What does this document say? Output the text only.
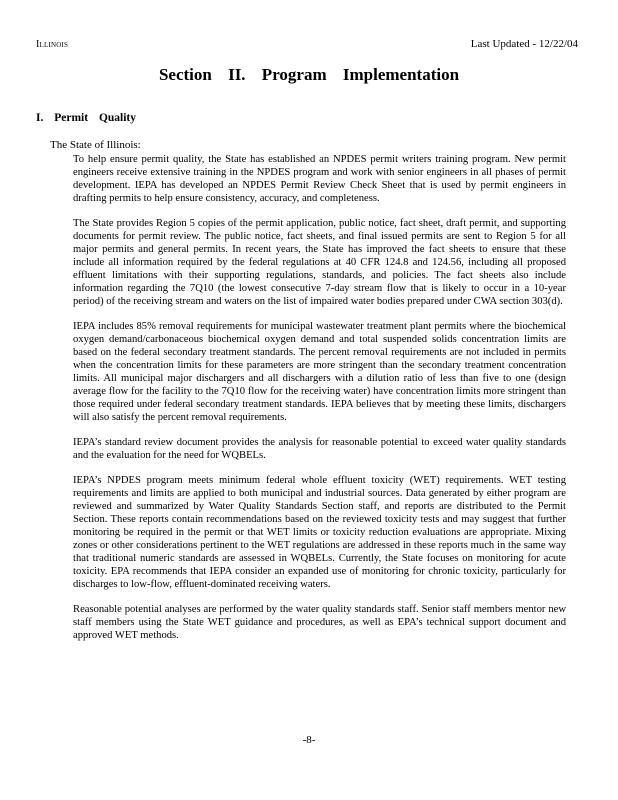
Illinois	Last Updated - 12/22/04
Section II. Program Implementation
I. Permit Quality
The State of Illinois:

To help ensure permit quality, the State has established an NPDES permit writers training program. New permit engineers receive extensive training in the NPDES program and work with senior engineers in all phases of permit development. IEPA has developed an NPDES Permit Review Check Sheet that is used by permit engineers in drafting permits to help ensure consistency, accuracy, and completeness.

The State provides Region 5 copies of the permit application, public notice, fact sheet, draft permit, and supporting documents for permit review. The public notice, fact sheets, and final issued permits are sent to Region 5 for all major permits and general permits. In recent years, the State has improved the fact sheets to ensure that these include all information required by the federal regulations at 40 CFR 124.8 and 124.56, including all proposed effluent limitations with their supporting regulations, standards, and policies. The fact sheets also include information regarding the 7Q10 (the lowest consecutive 7-day stream flow that is likely to occur in a 10-year period) of the receiving stream and waters on the list of impaired water bodies prepared under CWA section 303(d).

IEPA includes 85% removal requirements for municipal wastewater treatment plant permits where the biochemical oxygen demand/carbonaceous biochemical oxygen demand and total suspended solids concentration limits are based on the federal secondary treatment standards. The percent removal requirements are not included in permits when the concentration limits for these parameters are more stringent than the secondary treatment concentration limits. All municipal major dischargers and all dischargers with a dilution ratio of less than five to one (design average flow for the facility to the 7Q10 flow for the receiving water) have concentration limits more stringent than those required under federal secondary treatment standards. IEPA believes that by meeting these limits, dischargers will also satisfy the percent removal requirements.

IEPA’s standard review document provides the analysis for reasonable potential to exceed water quality standards and the evaluation for the need for WQBELs.

IEPA’s NPDES program meets minimum federal whole effluent toxicity (WET) requirements. WET testing requirements and limits are applied to both municipal and industrial sources. Data generated by either program are reviewed and summarized by Water Quality Standards Section staff, and reports are distributed to the Permit Section. These reports contain recommendations based on the reviewed toxicity tests and may suggest that further monitoring be required in the permit or that WET limits or toxicity reduction evaluations are appropriate. Mixing zones or other considerations pertinent to the WET regulations are addressed in these reports much in the same way that traditional numeric standards are assessed in WQBELs. Currently, the State focuses on monitoring for acute toxicity. EPA recommends that IEPA consider an expanded use of monitoring for chronic toxicity, particularly for discharges to low-flow, effluent-dominated receiving waters.

Reasonable potential analyses are performed by the water quality standards staff. Senior staff members mentor new staff members using the State WET guidance and procedures, as well as EPA’s technical support document and approved WET methods.

-8-
